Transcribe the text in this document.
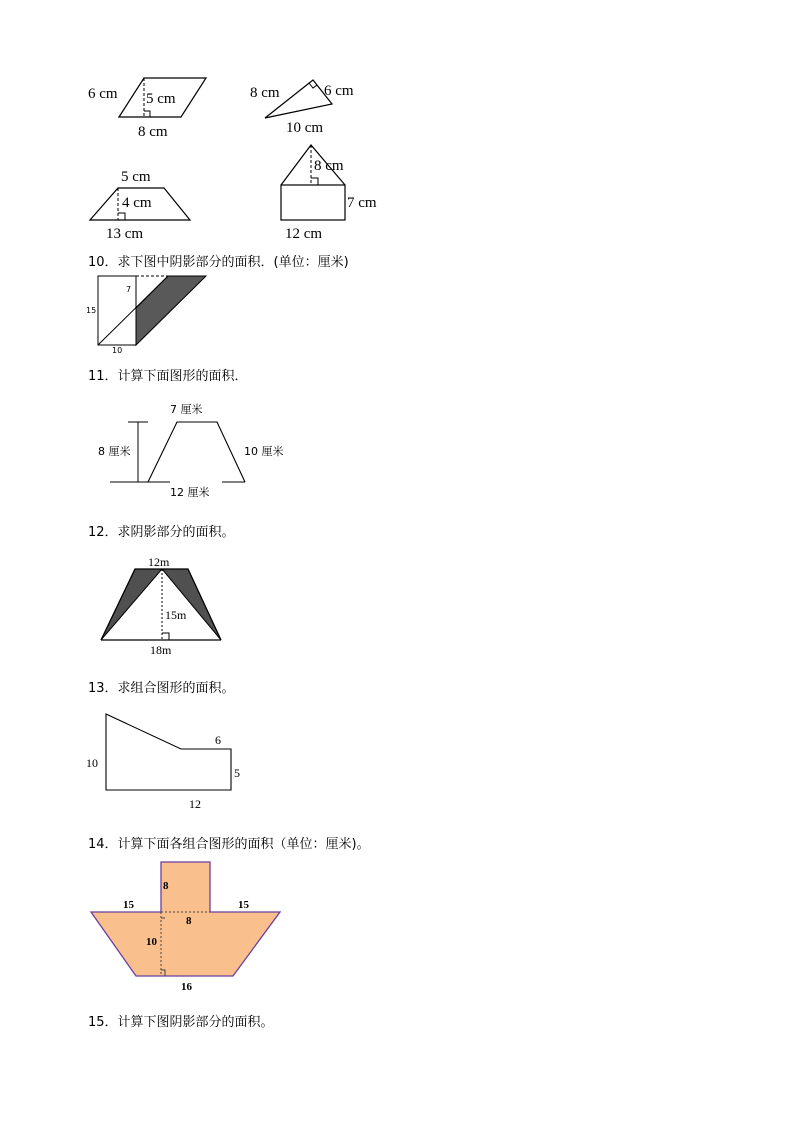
6 cm 5 cm
8 cm
8 cm	6 cm
10 cm
5 cm
4 cm
13 cm
8 cm
7 cm
12 cm
10．求下图中阴影部分的面积．(单位：厘米)
7
15
10
11．计算下面图形的面积．
7 厘米
8 厘米	10 厘米
12 厘米
12．求阴影部分的面积。
12m
15m
18m
13．求组合图形的面积。
10
6
5
12
14．计算下面各组合图形的面积（单位：厘米)。
8
15	15
8
10
16
15．计算下图阴影部分的面积。
